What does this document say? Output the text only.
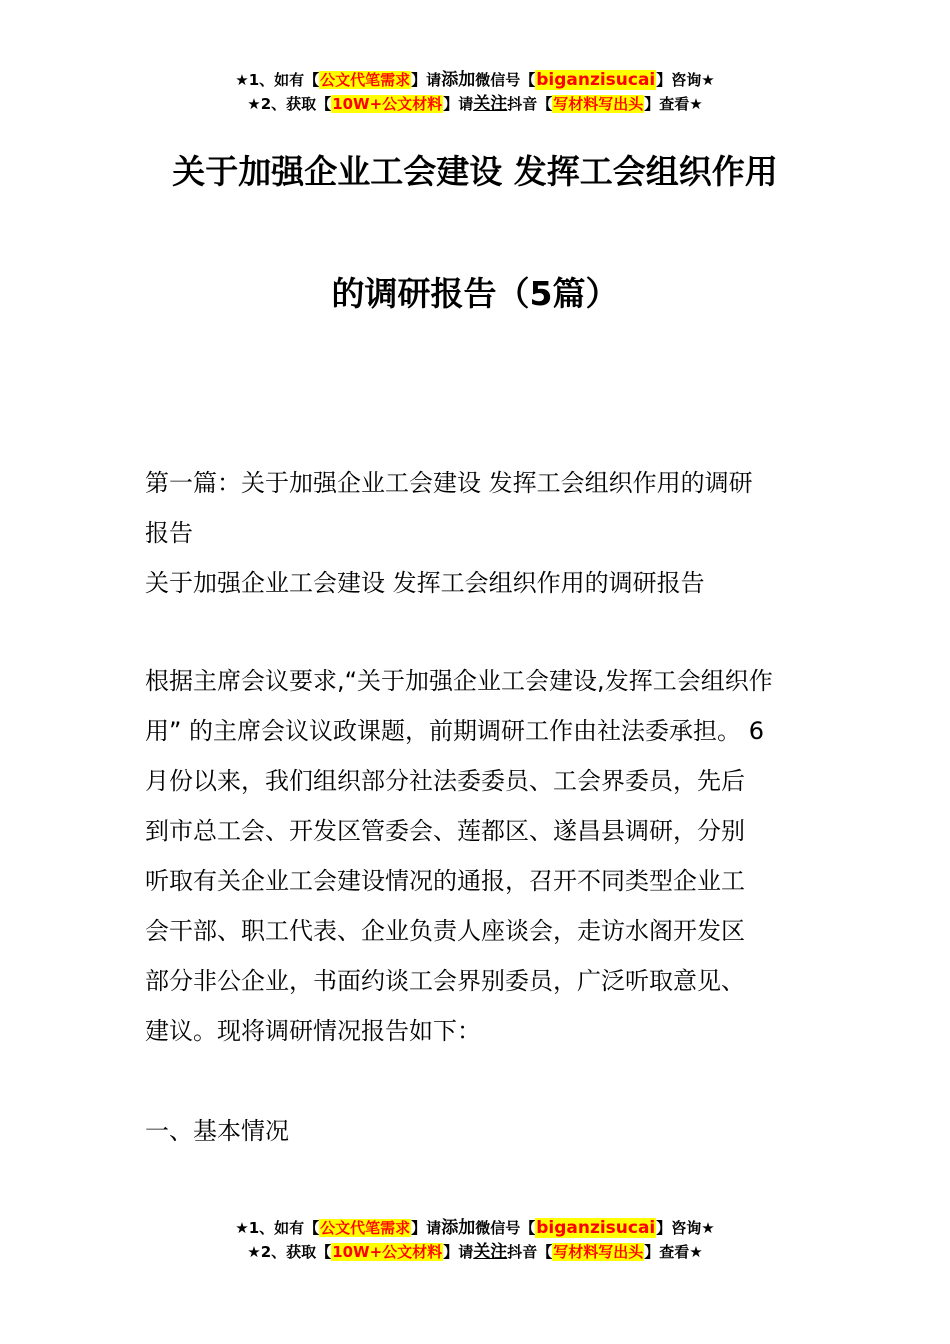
★1、如有【公文代笔需求】请添加微信号【biganzisucai】咨询★
★2、获取【10W+公文材料】请关注抖音【写材料写出头】查看★
关于加强企业工会建设 发挥工会组织作用
的调研报告（5篇）
第一篇：关于加强企业工会建设 发挥工会组织作用的调研
报告
关于加强企业工会建设 发挥工会组织作用的调研报告
根据主席会议要求,“关于加强企业工会建设,发挥工会组织作
用” 的主席会议议政课题，前期调研工作由社法委承担。 6
月份以来，我们组织部分社法委委员、工会界委员，先后
到市总工会、开发区管委会、莲都区、遂昌县调研，分别
听取有关企业工会建设情况的通报，召开不同类型企业工
会干部、职工代表、企业负责人座谈会，走访水阁开发区
部分非公企业，书面约谈工会界别委员，广泛听取意见、
建议。现将调研情况报告如下：
一、基本情况
★1、如有【公文代笔需求】请添加微信号【biganzisucai】咨询★
★2、获取【10W+公文材料】请关注抖音【写材料写出头】查看★
